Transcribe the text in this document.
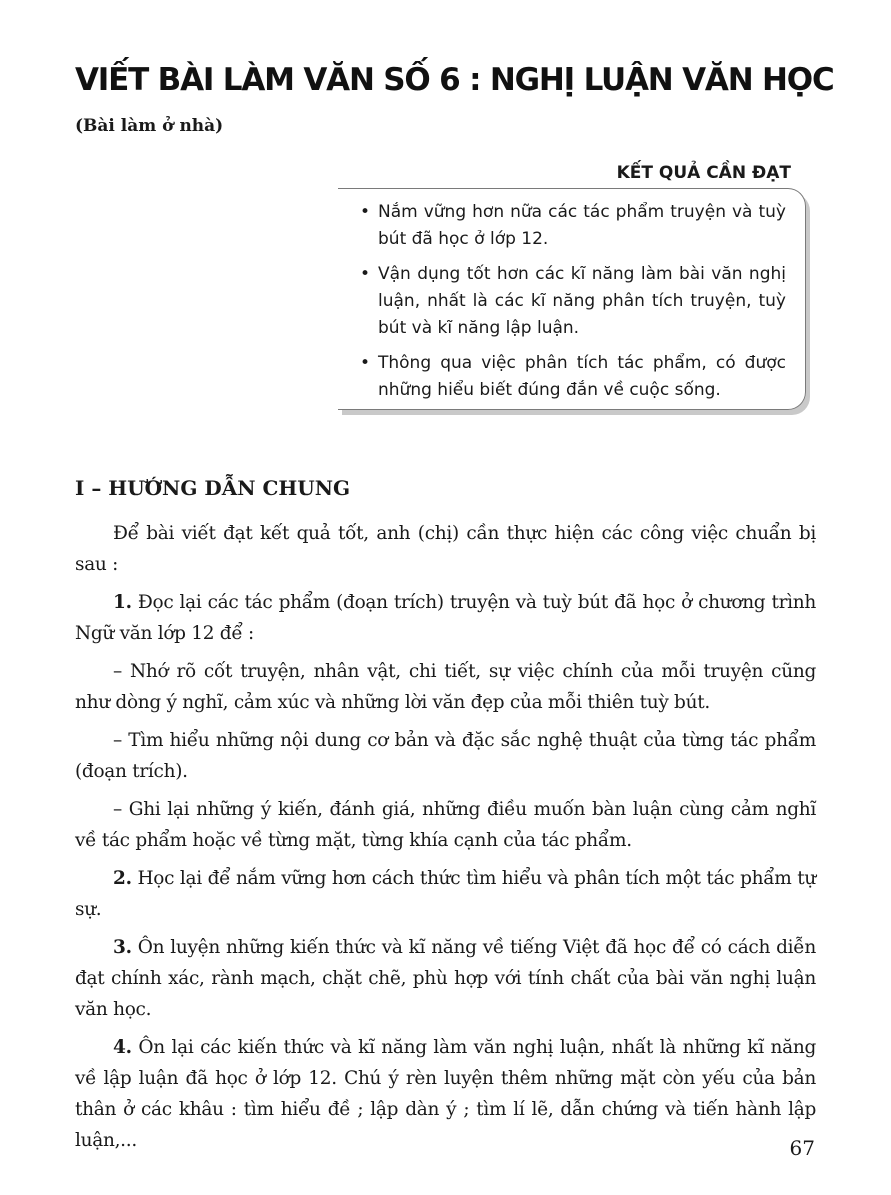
VIẾT BÀI LÀM VĂN SỐ 6 : NGHỊ LUẬN VĂN HỌC
(Bài làm ở nhà)
KẾT QUẢ CẦN ĐẠT
• Nắm vững hơn nữa các tác phẩm truyện và tuỳ bút đã học ở lớp 12.
• Vận dụng tốt hơn các kĩ năng làm bài văn nghị luận, nhất là các kĩ năng phân tích truyện, tuỳ bút và kĩ năng lập luận.
• Thông qua việc phân tích tác phẩm, có được những hiểu biết đúng đắn về cuộc sống.
I – HƯỚNG DẪN CHUNG

Để bài viết đạt kết quả tốt, anh (chị) cần thực hiện các công việc chuẩn bị sau :

1. Đọc lại các tác phẩm (đoạn trích) truyện và tuỳ bút đã học ở chương trình Ngữ văn lớp 12 để :

– Nhớ rõ cốt truyện, nhân vật, chi tiết, sự việc chính của mỗi truyện cũng như dòng ý nghĩ, cảm xúc và những lời văn đẹp của mỗi thiên tuỳ bút.

– Tìm hiểu những nội dung cơ bản và đặc sắc nghệ thuật của từng tác phẩm (đoạn trích).

– Ghi lại những ý kiến, đánh giá, những điều muốn bàn luận cùng cảm nghĩ về tác phẩm hoặc về từng mặt, từng khía cạnh của tác phẩm.

2. Học lại để nắm vững hơn cách thức tìm hiểu và phân tích một tác phẩm tự sự.

3. Ôn luyện những kiến thức và kĩ năng về tiếng Việt đã học để có cách diễn đạt chính xác, rành mạch, chặt chẽ, phù hợp với tính chất của bài văn nghị luận văn học.

4. Ôn lại các kiến thức và kĩ năng làm văn nghị luận, nhất là những kĩ năng về lập luận đã học ở lớp 12. Chú ý rèn luyện thêm những mặt còn yếu của bản thân ở các khâu : tìm hiểu đề ; lập dàn ý ; tìm lí lẽ, dẫn chứng và tiến hành lập luận,...	67
